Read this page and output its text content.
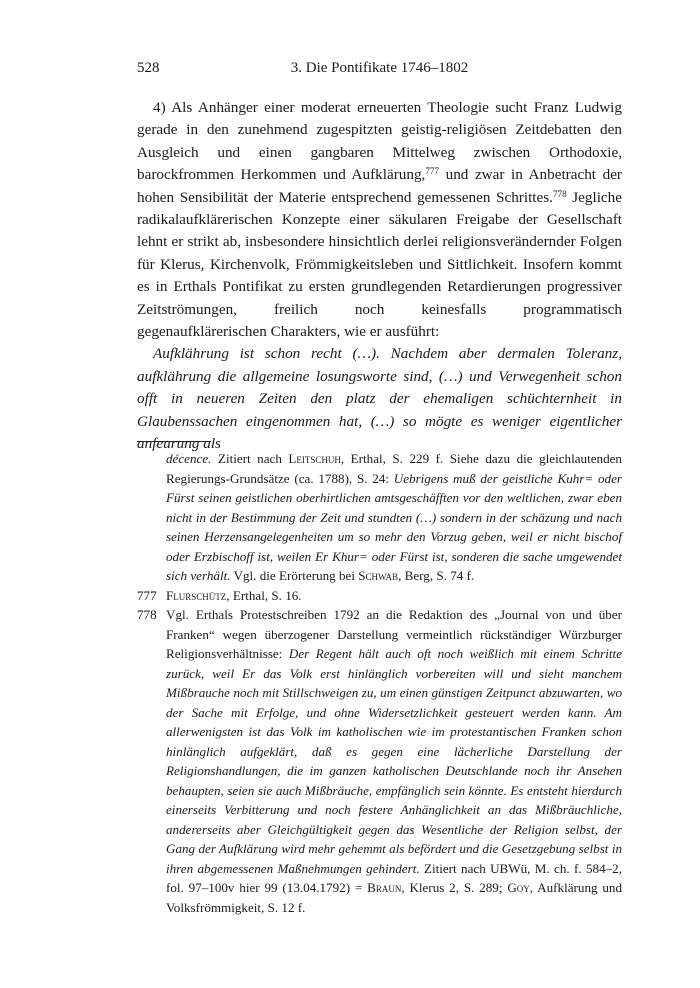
528	3. Die Pontifikate 1746–1802

4) Als Anhänger einer moderat erneuerten Theologie sucht Franz Ludwig gerade in den zunehmend zugespitzten geistig-religiösen Zeitdebatten den Ausgleich und einen gangbaren Mittelweg zwischen Orthodoxie, barockfrommen Herkommen und Aufklärung,$^{777}$ und zwar in Anbetracht der hohen Sensibilität der Materie entsprechend gemessenen Schrittes.$^{778}$ Jegliche radikalaufklärerischen Konzepte einer säkularen Freigabe der Gesellschaft lehnt er strikt ab, insbesondere hinsichtlich derlei religionsverändernder Folgen für Klerus, Kirchenvolk, Frömmigkeitsleben und Sittlichkeit. Insofern kommt es in Erthals Pontifikat zu ersten grundlegenden Retardierungen progressiver Zeitströmungen, freilich noch keinesfalls programmatisch gegenaufklärerischen Charakters, wie er ausführt:

Aufklährung ist schon recht (…). Nachdem aber dermalen Toleranz, aufklährung die allgemeine losungsworte sind, (…) und Verwegenheit schon offt in neueren Zeiten den platz der ehemaligen schüchternheit in Glaubenssachen eingenommen hat, (…) so mögte es weniger eigentlicher anfeurung als

décence. Zitiert nach Leitschuh, Erthal, S. 229 f. Siehe dazu die gleichlautenden Regierungs-Grundsätze (ca. 1788), S. 24: Uebrigens muß der geistliche Kuhr= oder Fürst seinen geistlichen oberhirtlichen amtsgeschäfften vor den weltlichen, zwar eben nicht in der Bestimmung der Zeit und stundten (…) sondern in der schäzung und nach seinen Herzensangelegenheiten um so mehr den Vorzug geben, weil er nicht bischof oder Erzbischoff ist, weilen Er Khur= oder Fürst ist, sonderen die sache umgewendet sich verhält. Vgl. die Erörterung bei Schwab, Berg, S. 74 f.
777 Flurschütz, Erthal, S. 16.
778 Vgl. Erthals Protestschreiben 1792 an die Redaktion des „Journal von und über Franken“ wegen überzogener Darstellung vermeintlich rückständiger Würzburger Religionsverhältnisse: Der Regent hält auch oft noch weißlich mit einem Schritte zurück, weil Er das Volk erst hinlänglich vorbereiten will und sieht manchem Mißbrauche noch mit Stillschweigen zu, um einen günstigen Zeitpunct abzuwarten, wo der Sache mit Erfolge, und ohne Widersetzlichkeit gesteuert werden kann. Am allerwenigsten ist das Volk im katholischen wie im protestantischen Franken schon hinlänglich aufgeklärt, daß es gegen eine lächerliche Darstellung der Religionshandlungen, die im ganzen katholischen Deutschlande noch ihr Ansehen behaupten, seien sie auch Mißbräuche, empfänglich sein könnte. Es entsteht hierdurch einerseits Verbitterung und noch festere Anhänglichkeit an das Mißbräuchliche, andererseits aber Gleichgültigkeit gegen das Wesentliche der Religion selbst, der Gang der Aufklärung wird mehr gehemmt als befördert und die Gesetzgebung selbst in ihren abgemessenen Maßnehmungen gehindert. Zitiert nach UBWü, M. ch. f. 584–2, fol. 97–100v hier 99 (13.04.1792) = Braun, Klerus 2, S. 289; Goy, Aufklärung und Volksfrömmigkeit, S. 12 f.
